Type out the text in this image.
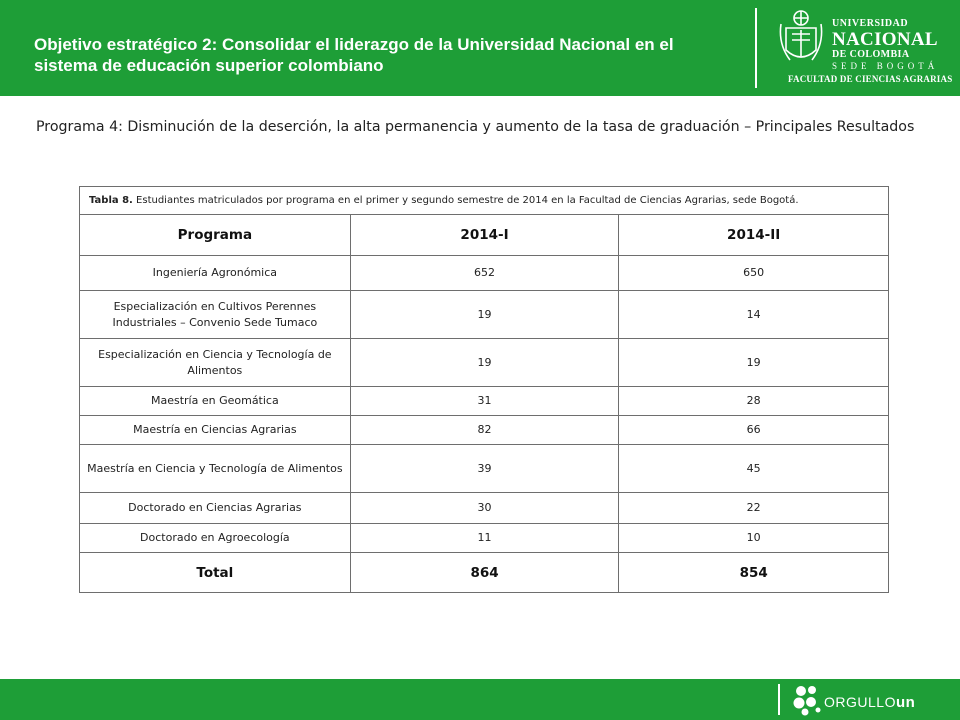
Objetivo estratégico 2: Consolidar el liderazgo de la Universidad Nacional en el sistema de educación superior colombiano
UNIVERSIDAD
NACIONAL
DE COLOMBIA
SEDE BOGOTÁ
FACULTAD DE CIENCIAS AGRARIAS
Programa 4: Disminución de la deserción, la alta permanencia y aumento de la tasa de graduación – Principales Resultados
Tabla 8. Estudiantes matriculados por programa en el primer y segundo semestre de 2014 en la Facultad de Ciencias Agrarias, sede Bogotá.		
Programa	2014-I	2014-II
Ingeniería Agronómica	652	650
Especialización en Cultivos Perennes Industriales – Convenio Sede Tumaco	19	14
Especialización en Ciencia y Tecnología de Alimentos	19	19
Maestría en Geomática	31	28
Maestría en Ciencias Agrarias	82	66
Maestría en Ciencia y Tecnología de Alimentos	39	45
Doctorado en Ciencias Agrarias	30	22
Doctorado en Agroecología	11	10
Total	864	854
ORGULLOun
